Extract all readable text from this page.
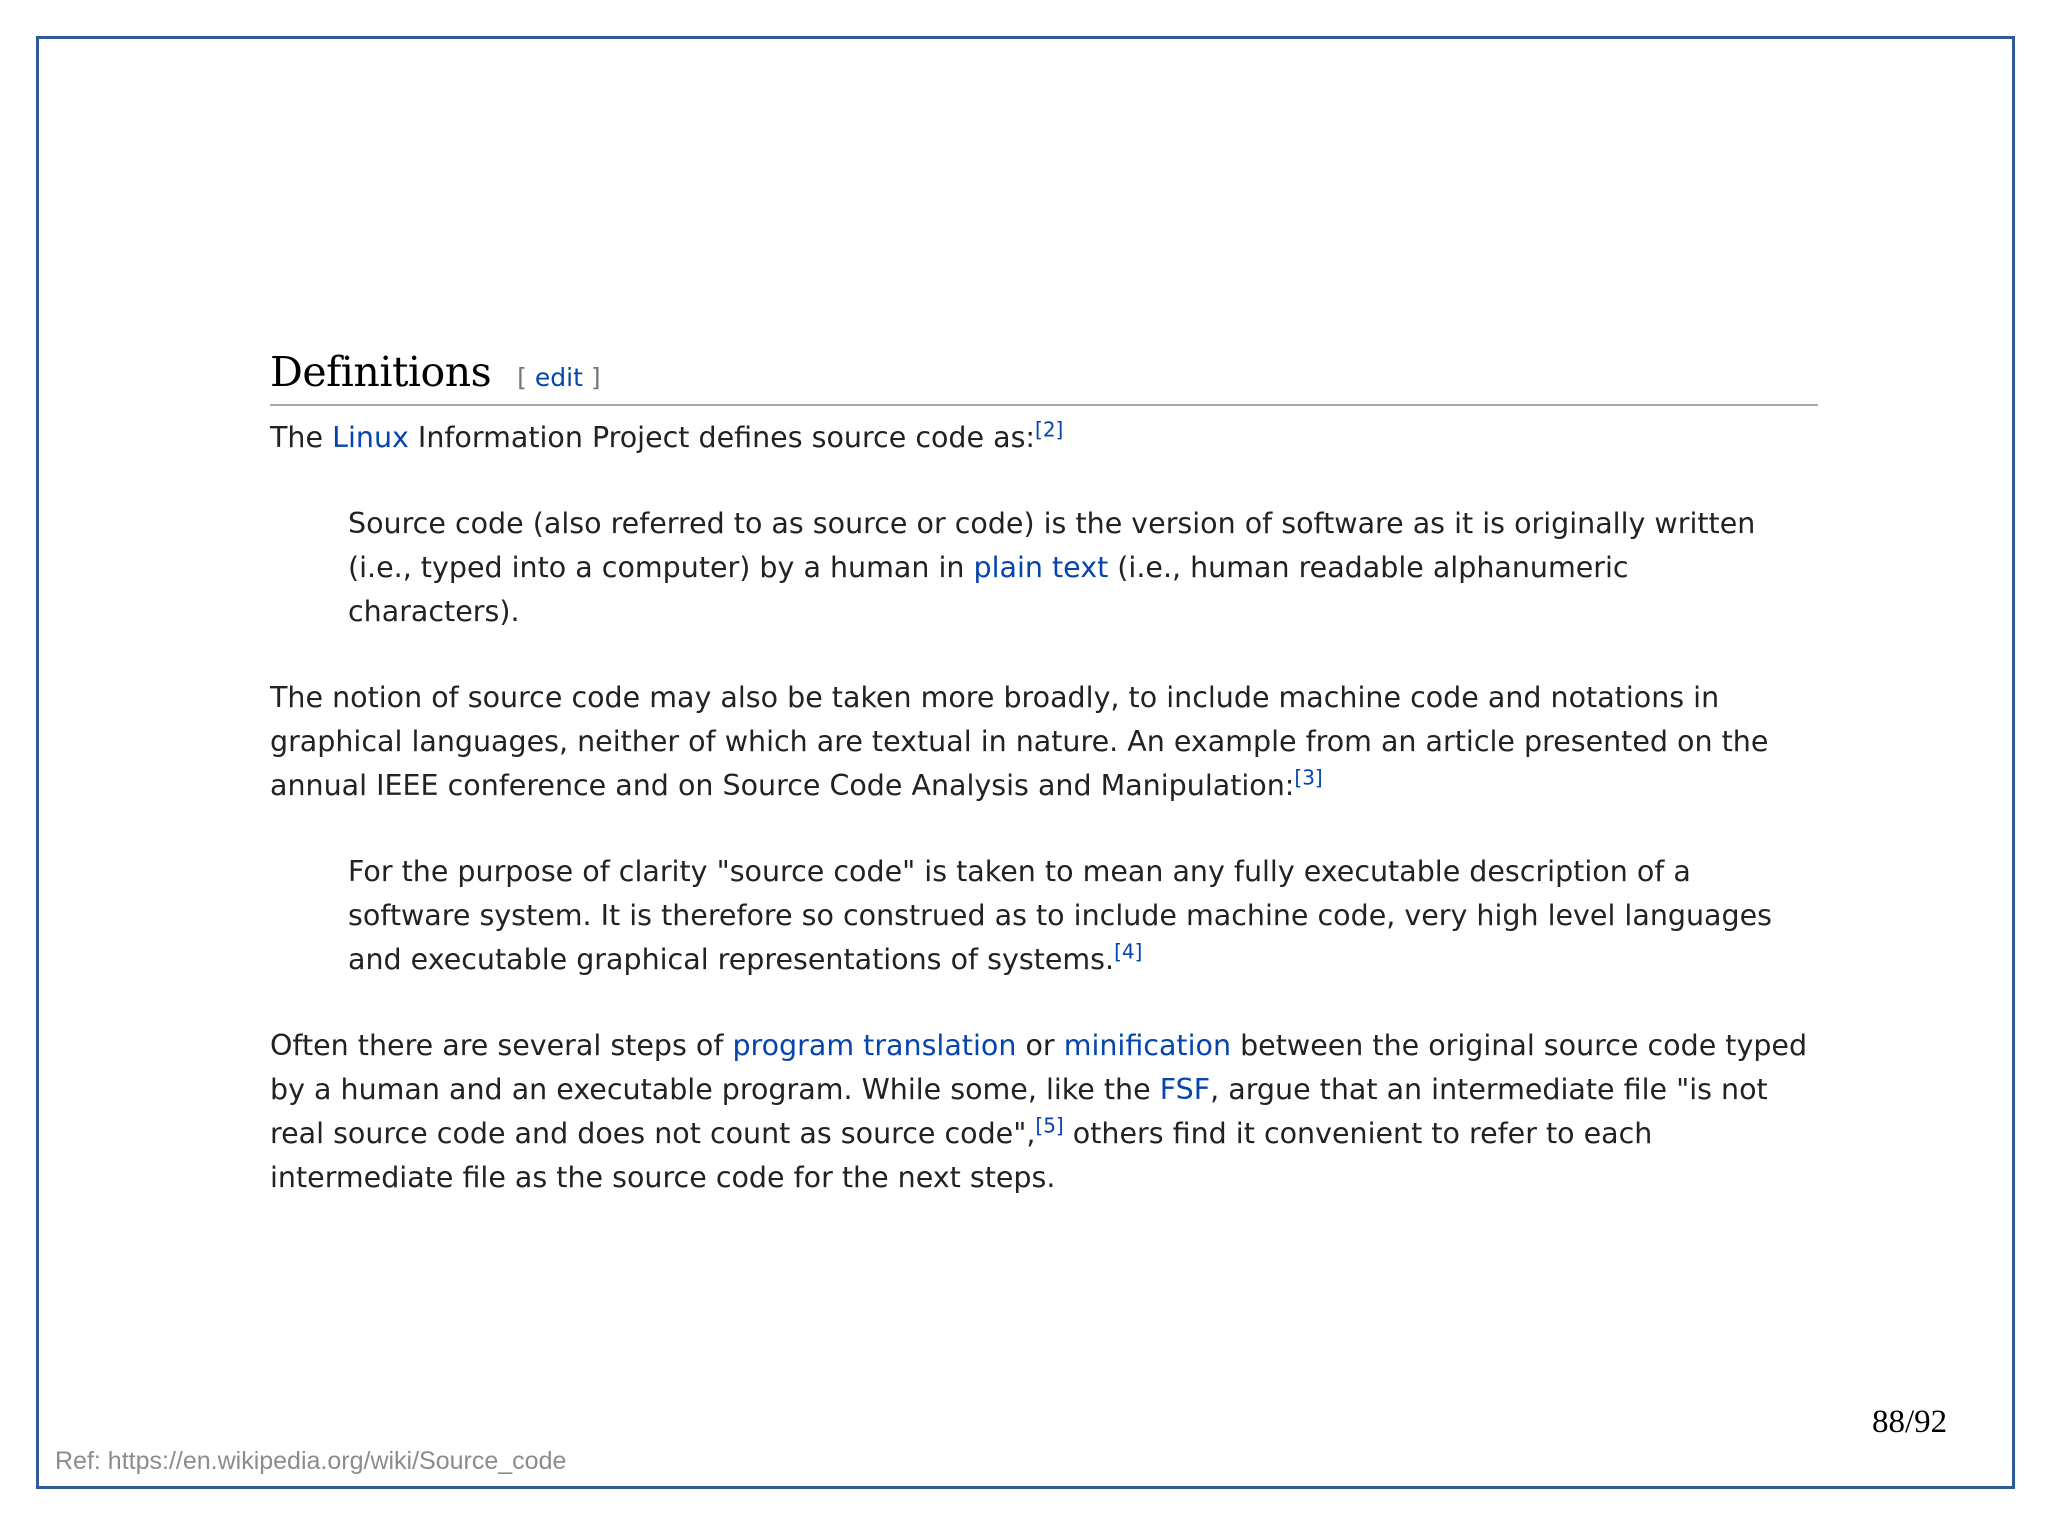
Definitions [ edit ]

The Linux Information Project defines source code as:[2]

Source code (also referred to as source or code) is the version of software as it is originally written (i.e., typed into a computer) by a human in plain text (i.e., human readable alphanumeric characters).

The notion of source code may also be taken more broadly, to include machine code and notations in graphical languages, neither of which are textual in nature. An example from an article presented on the annual IEEE conference and on Source Code Analysis and Manipulation:[3]

For the purpose of clarity "source code" is taken to mean any fully executable description of a software system. It is therefore so construed as to include machine code, very high level languages and executable graphical representations of systems.[4]

Often there are several steps of program translation or minification between the original source code typed by a human and an executable program. While some, like the FSF, argue that an intermediate file "is not real source code and does not count as source code",[5] others find it convenient to refer to each intermediate file as the source code for the next steps.

Ref: https://en.wikipedia.org/wiki/Source_code
88/92
